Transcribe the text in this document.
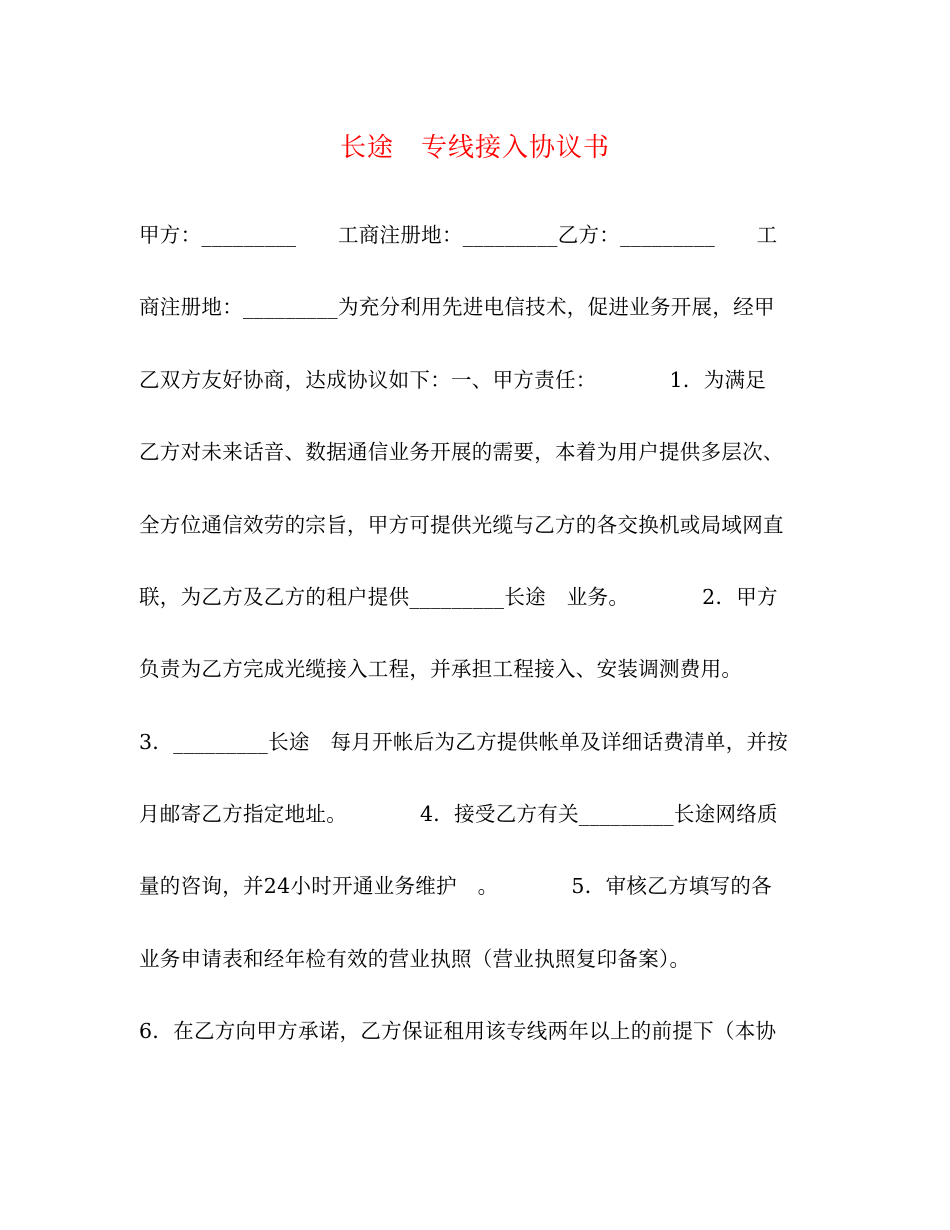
长途　专线接入协议书
甲方：_________　　工商注册地：_________乙方：_________　　工
商注册地：_________为充分利用先进电信技术，促进业务开展，经甲
乙双方友好协商，达成协议如下：一、甲方责任：　　　　1．为满足
乙方对未来话音、数据通信业务开展的需要，本着为用户提供多层次、
全方位通信效劳的宗旨，甲方可提供光缆与乙方的各交换机或局域网直
联，为乙方及乙方的租户提供_________长途　业务。　　　　2．甲方
负责为乙方完成光缆接入工程，并承担工程接入、安装调测费用。
3．_________长途　每月开帐后为乙方提供帐单及详细话费清单，并按
月邮寄乙方指定地址。　　　　4．接受乙方有关_________长途网络质
量的咨询，并24小时开通业务维护　。　　　　5．审核乙方填写的各
业务申请表和经年检有效的营业执照（营业执照复印备案）。
6．在乙方向甲方承诺，乙方保证租用该专线两年以上的前提下（本协
